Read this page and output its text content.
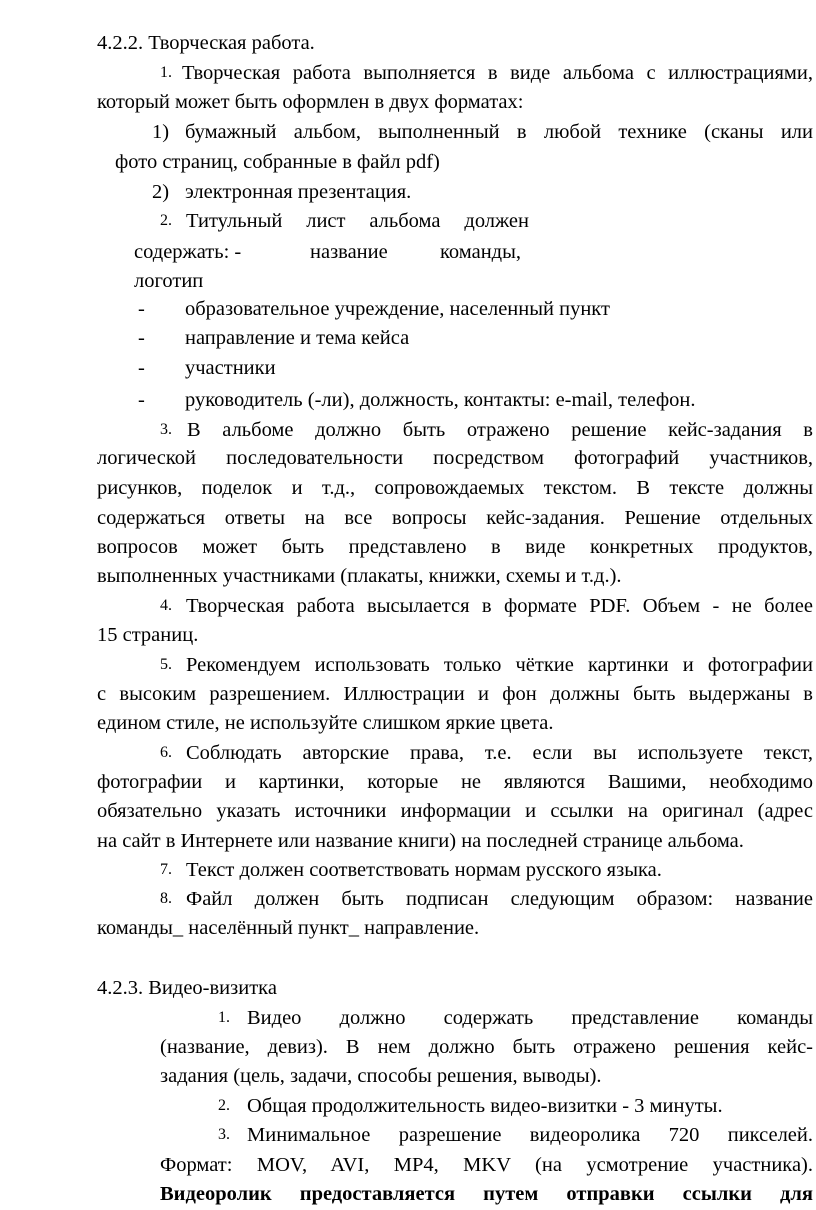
4.2.2. Творческая работа.
1. Творческая работа выполняется в виде альбома с иллюстрациями,
который может быть оформлен в двух форматах:
1) бумажный альбом, выполненный в любой технике (сканы или
фото страниц, собранные в файл pdf)
2) электронная презентация.
2. Титульный лист альбома должен
содержать: -	название	команды,
логотип
- образовательное учреждение, населенный пункт
- направление и тема кейса
- участники
- руководитель (-ли), должность, контакты: e-mail, телефон.
3. В альбоме должно быть отражено решение кейс-задания в
логической последовательности посредством фотографий участников,
рисунков, поделок и т.д., сопровождаемых текстом. В тексте должны
содержаться ответы на все вопросы кейс-задания. Решение отдельных
вопросов может быть представлено в виде конкретных продуктов,
выполненных участниками (плакаты, книжки, схемы и т.д.).
4. Творческая работа высылается в формате PDF. Объем - не более
15 страниц.
5. Рекомендуем использовать только чёткие картинки и фотографии
с высоким разрешением. Иллюстрации и фон должны быть выдержаны в
едином стиле, не используйте слишком яркие цвета.
6. Соблюдать авторские права, т.е. если вы используете текст,
фотографии и картинки, которые не являются Вашими, необходимо
обязательно указать источники информации и ссылки на оригинал (адрес
на сайт в Интернете или название книги) на последней странице альбома.
7. Текст должен соответствовать нормам русского языка.
8. Файл должен быть подписан следующим образом: название
команды_ населённый пункт_ направление.
4.2.3. Видео-визитка
1. Видео должно содержать представление команды
(название, девиз). В нем должно быть отражено решения кейс-
задания (цель, задачи, способы решения, выводы).
2. Общая продолжительность видео-визитки - 3 минуты.
3. Минимальное разрешение видеоролика 720 пикселей.
Формат: MOV, AVI, MP4, MKV (на усмотрение участника).
Видеоролик предоставляется путем отправки ссылки для
